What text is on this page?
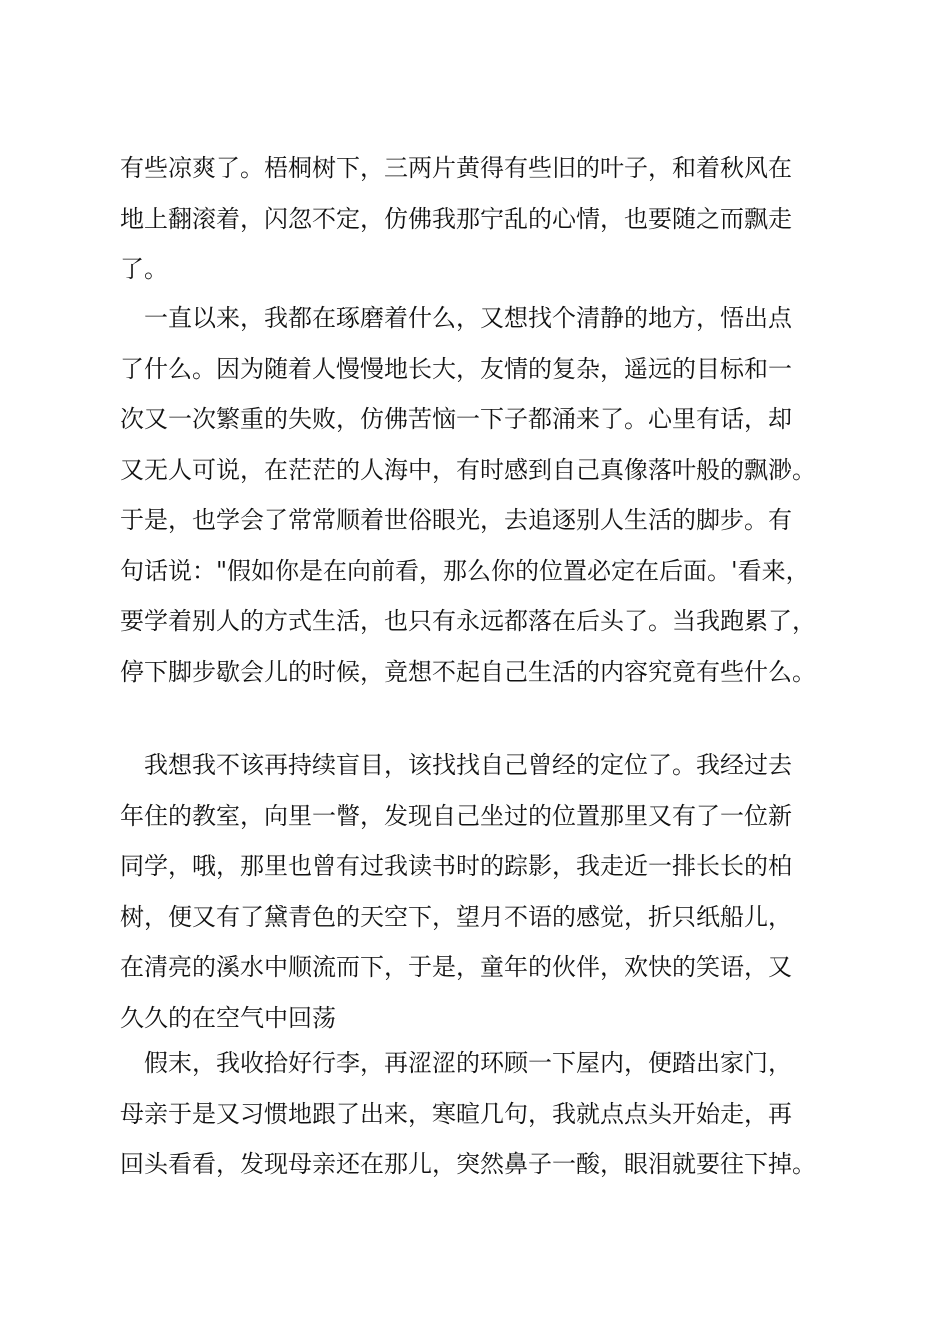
有些凉爽了。梧桐树下，三两片黄得有些旧的叶子，和着秋风在
地上翻滚着，闪忽不定，仿佛我那宁乱的心情，也要随之而飘走
了。
一直以来，我都在琢磨着什么，又想找个清静的地方，悟出点
了什么。因为随着人慢慢地长大，友情的复杂，遥远的目标和一
次又一次繁重的失败，仿佛苦恼一下子都涌来了。心里有话，却
又无人可说，在茫茫的人海中，有时感到自己真像落叶般的飘渺。
于是，也学会了常常顺着世俗眼光，去追逐别人生活的脚步。有
句话说："假如你是在向前看，那么你的位置必定在后面。'看来，
要学着别人的方式生活，也只有永远都落在后头了。当我跑累了，
停下脚步歇会儿的时候，竟想不起自己生活的内容究竟有些什么。
我想我不该再持续盲目，该找找自己曾经的定位了。我经过去
年住的教室，向里一瞥，发现自己坐过的位置那里又有了一位新
同学，哦，那里也曾有过我读书时的踪影，我走近一排长长的柏
树，便又有了黛青色的天空下，望月不语的感觉，折只纸船儿，
在清亮的溪水中顺流而下，于是，童年的伙伴，欢快的笑语，又
久久的在空气中回荡
假末，我收拾好行李，再涩涩的环顾一下屋内，便踏出家门，
母亲于是又习惯地跟了出来，寒暄几句，我就点点头开始走，再
回头看看，发现母亲还在那儿，突然鼻子一酸，眼泪就要往下掉。
